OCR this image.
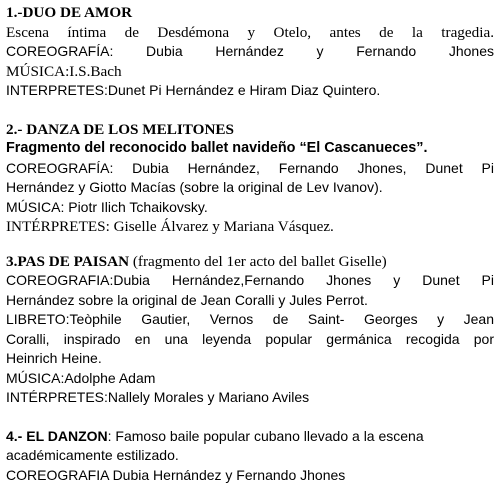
1.-DUO DE AMOR
Escena íntima de Desdémona y Otelo, antes de la tragedia.
COREOGRAFÍA: Dubia Hernández y Fernando Jhones
MÚSICA:I.S.Bach
INTERPRETES:Dunet Pi Hernández e Hiram Diaz Quintero.
2.- DANZA DE LOS MELITONES
Fragmento del reconocido ballet navideño “El Cascanueces”.
COREOGRAFÍA: Dubia Hernández, Fernando Jhones, Dunet Pi
Hernández y Giotto Macías (sobre la original de Lev Ivanov).
MÚSICA: Piotr Ilich Tchaikovsky.
INTÉRPRETES: Giselle Álvarez y Mariana Vásquez.
3.PAS DE PAISAN (fragmento del 1er acto del ballet Giselle)
COREOGRAFIA:Dubia Hernández,Fernando Jhones y Dunet Pi
Hernández sobre la original de Jean Coralli y Jules Perrot.
LIBRETO:Teòphile Gautier, Vernos de Saint- Georges y Jean
Coralli, inspirado en una leyenda popular germánica recogida por
Heinrich Heine.
MÚSICA:Adolphe Adam
INTÉRPRETES:Nallely Morales y Mariano Aviles
4.- EL DANZON: Famoso baile popular cubano llevado a la escena
académicamente estilizado.
COREOGRAFIA Dubia Hernández y Fernando Jhones
